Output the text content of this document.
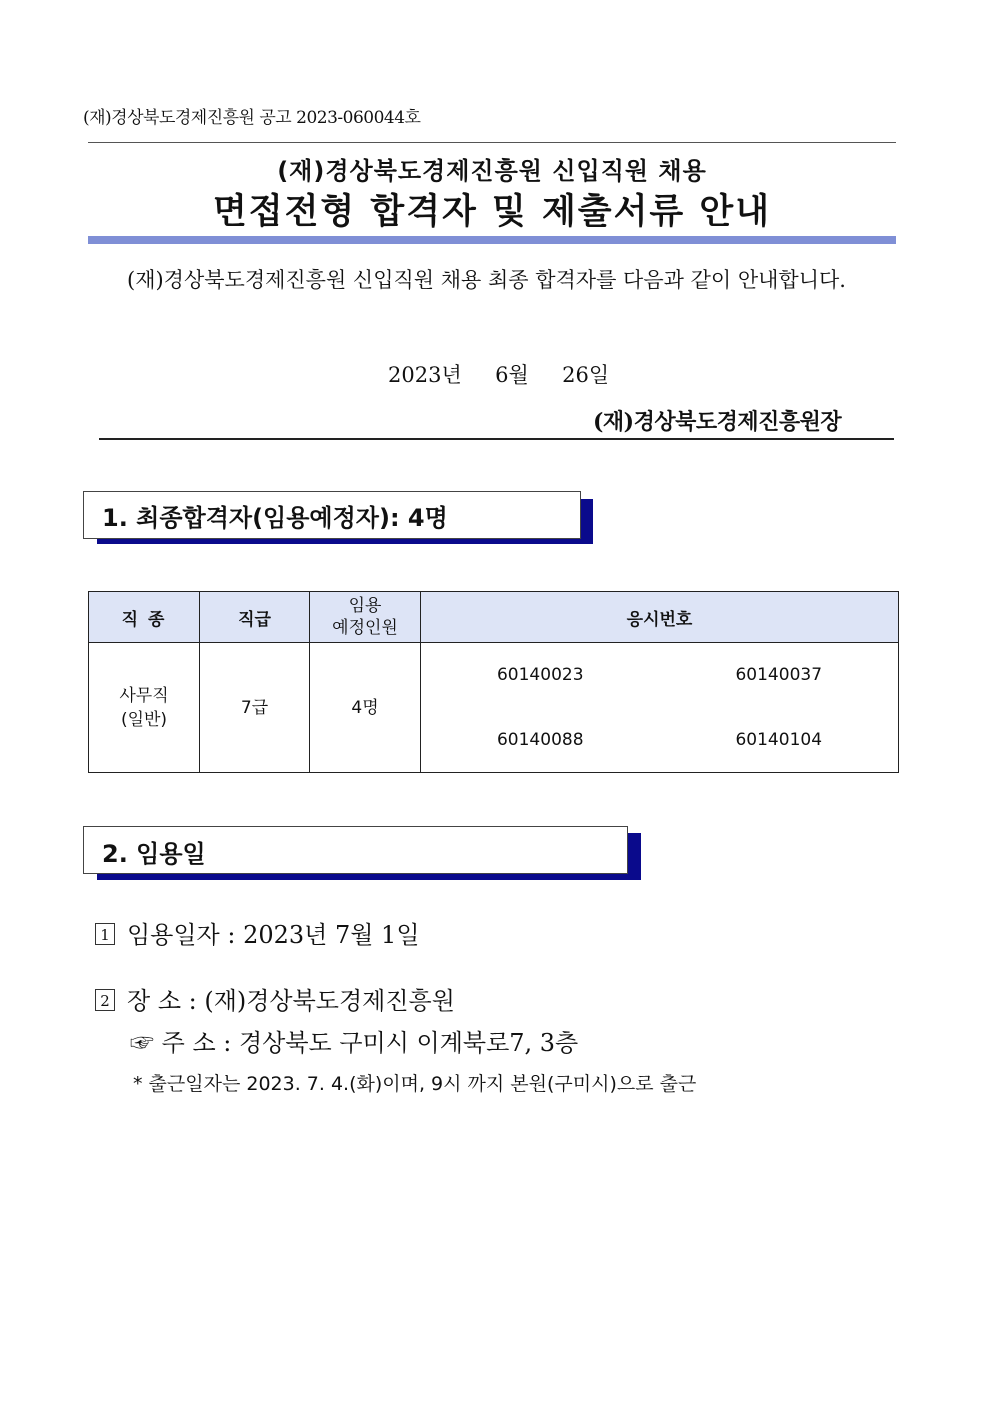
(재)경상북도경제진흥원 공고 2023-060044호
(재)경상북도경제진흥원 신입직원 채용
면접전형 합격자 및 제출서류 안내
(재)경상북도경제진흥원 신입직원 채용 최종 합격자를 다음과 같이 안내합니다.
2023년 6월 26일
(재)경상북도경제진흥원장
1. 최종합격자(임용예정자): 4명
직 종	직급	임용
예정인원	응시번호
사무직
(일반)	7급	4명	60140023 60140037
60140088 60140104
2. 임용일
1 임용일자 : 2023년 7월 1일
2 장 소 : (재)경상북도경제진흥원
☞ 주 소 : 경상북도 구미시 이계북로7, 3층
* 출근일자는 2023. 7. 4.(화)이며, 9시 까지 본원(구미시)으로 출근
